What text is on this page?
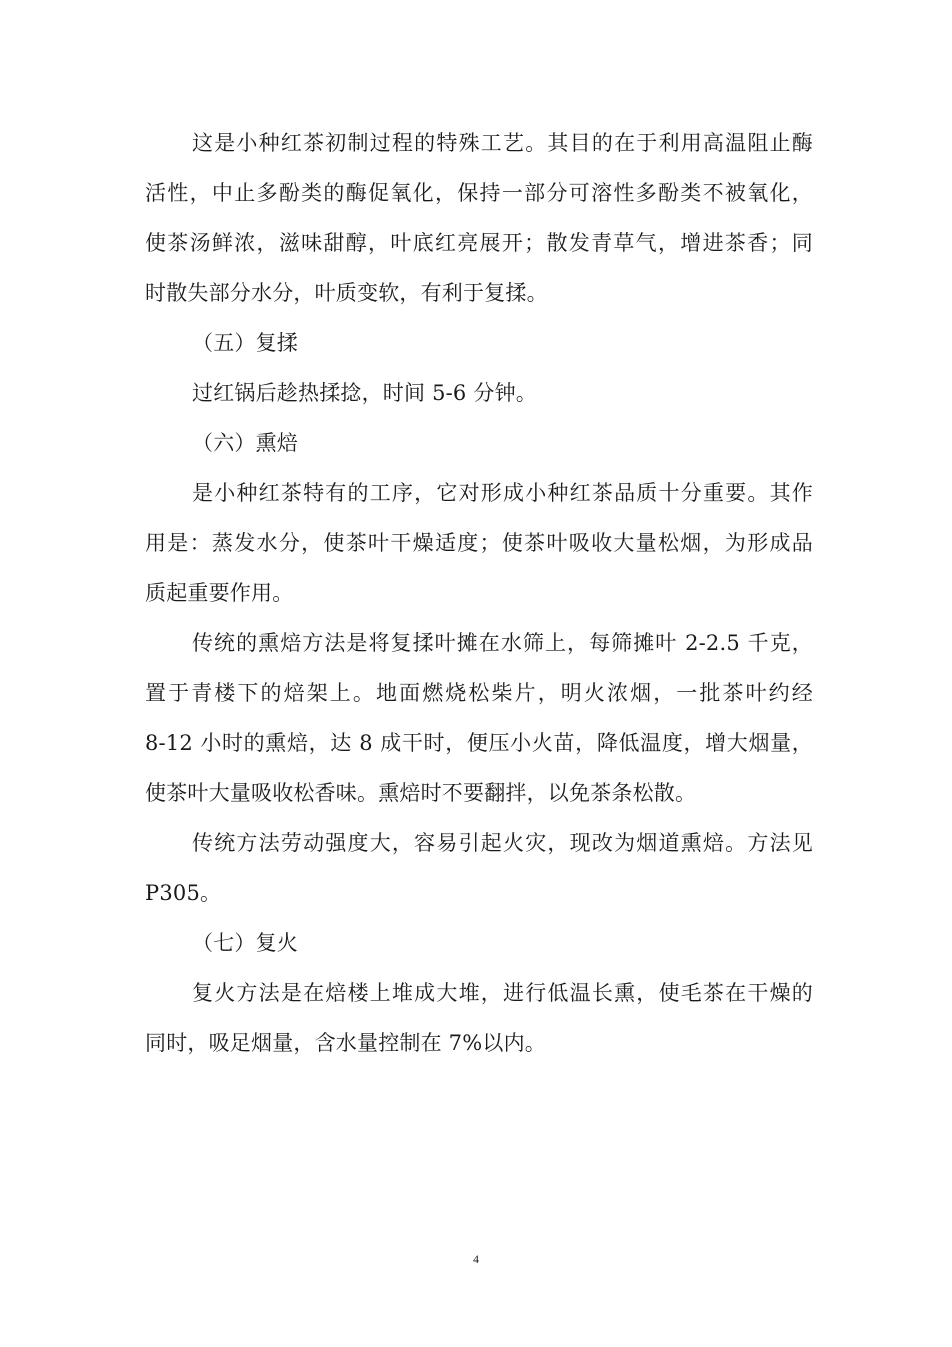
这是小种红茶初制过程的特殊工艺。其目的在于利用高温阻止酶
活性，中止多酚类的酶促氧化，保持一部分可溶性多酚类不被氧化，
使茶汤鲜浓，滋味甜醇，叶底红亮展开；散发青草气，增进茶香；同
时散失部分水分，叶质变软，有利于复揉。
（五）复揉
过红锅后趁热揉捻，时间 5-6 分钟。
（六）熏焙
是小种红茶特有的工序，它对形成小种红茶品质十分重要。其作
用是：蒸发水分，使茶叶干燥适度；使茶叶吸收大量松烟，为形成品
质起重要作用。
传统的熏焙方法是将复揉叶摊在水筛上，每筛摊叶 2-2.5 千克，
置于青楼下的焙架上。地面燃烧松柴片，明火浓烟，一批茶叶约经
8-12 小时的熏焙，达 8 成干时，便压小火苗，降低温度，增大烟量，
使茶叶大量吸收松香味。熏焙时不要翻拌，以免茶条松散。
传统方法劳动强度大，容易引起火灾，现改为烟道熏焙。方法见
P305。
（七）复火
复火方法是在焙楼上堆成大堆，进行低温长熏，使毛茶在干燥的
同时，吸足烟量，含水量控制在 7%以内。
4
